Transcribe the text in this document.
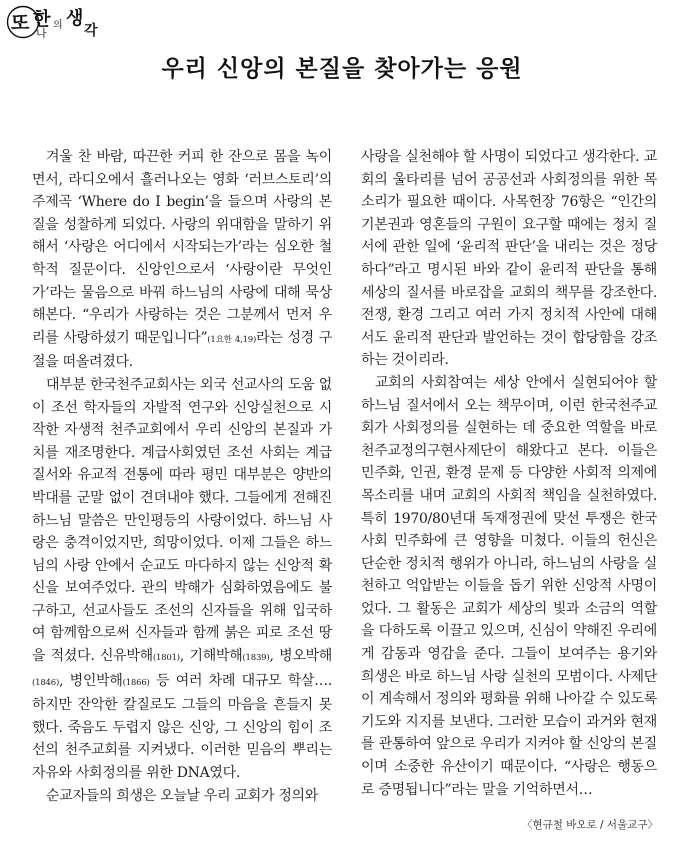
또 한
나
의 생
각
우리 신앙의 본질을 찾아가는 응원

겨울 찬 바람, 따끈한 커피 한 잔으로 몸을 녹이면서, 라디오에서 흘러나오는 영화 ‘러브스토리’의 주제곡 ‘Where do I begin’을 들으며 사랑의 본질을 성찰하게 되었다. 사랑의 위대함을 말하기 위해서 ‘사랑은 어디에서 시작되는가’라는 심오한 철학적 질문이다. 신앙인으로서 ‘사랑이란 무엇인가’라는 물음으로 바꿔 하느님의 사랑에 대해 묵상해본다. “우리가 사랑하는 것은 그분께서 먼저 우리를 사랑하셨기 때문입니다”(1요한 4,19)라는 성경 구절을 떠올려졌다.

대부분 한국천주교회사는 외국 선교사의 도움 없이 조선 학자들의 자발적 연구와 신앙실천으로 시작한 자생적 천주교회에서 우리 신앙의 본질과 가치를 재조명한다. 계급사회였던 조선 사회는 계급질서와 유교적 전통에 따라 평민 대부분은 양반의 박대를 군말 없이 견뎌내야 했다. 그들에게 전해진 하느님 말씀은 만인평등의 사랑이었다. 하느님 사랑은 충격이었지만, 희망이었다. 이제 그들은 하느님의 사랑 안에서 순교도 마다하지 않는 신앙적 확신을 보여주었다. 관의 박해가 심화하였음에도 불구하고, 선교사들도 조선의 신자들을 위해 입국하여 함께함으로써 신자들과 함께 붉은 피로 조선 땅을 적셨다. 신유박해(1801), 기해박해(1839), 병오박해(1846), 병인박해(1866) 등 여러 차례 대규모 학살…. 하지만 잔악한 칼질로도 그들의 마음을 흔들지 못했다. 죽음도 두렵지 않은 신앙, 그 신앙의 힘이 조선의 천주교회를 지켜냈다. 이러한 믿음의 뿌리는 자유와 사회정의를 위한 DNA였다.

순교자들의 희생은 오늘날 우리 교회가 정의와

사랑을 실천해야 할 사명이 되었다고 생각한다. 교회의 울타리를 넘어 공공선과 사회정의를 위한 목소리가 필요한 때이다. 사목헌장 76항은 “인간의 기본권과 영혼들의 구원이 요구할 때에는 정치 질서에 관한 일에 ‘윤리적 판단’을 내리는 것은 정당하다”라고 명시된 바와 같이 윤리적 판단을 통해 세상의 질서를 바로잡을 교회의 책무를 강조한다. 전쟁, 환경 그리고 여러 가지 정치적 사안에 대해서도 윤리적 판단과 발언하는 것이 합당함을 강조하는 것이리라.

교회의 사회참여는 세상 안에서 실현되어야 할 하느님 질서에서 오는 책무이며, 이런 한국천주교회가 사회정의를 실현하는 데 중요한 역할을 바로 천주교정의구현사제단이 해왔다고 본다. 이들은 민주화, 인권, 환경 문제 등 다양한 사회적 의제에 목소리를 내며 교회의 사회적 책임을 실천하였다. 특히 1970/80년대 독재정권에 맞선 투쟁은 한국 사회 민주화에 큰 영향을 미쳤다. 이들의 헌신은 단순한 정치적 행위가 아니라, 하느님의 사랑을 실천하고 억압받는 이들을 돕기 위한 신앙적 사명이었다. 그 활동은 교회가 세상의 빛과 소금의 역할을 다하도록 이끌고 있으며, 신심이 약해진 우리에게 감동과 영감을 준다. 그들이 보여주는 용기와 희생은 바로 하느님 사랑 실천의 모범이다. 사제단이 계속해서 정의와 평화를 위해 나아갈 수 있도록 기도와 지지를 보낸다. 그러한 모습이 과거와 현재를 관통하여 앞으로 우리가 지켜야 할 신앙의 본질이며 소중한 유산이기 때문이다. “사랑은 행동으로 증명됩니다”라는 말을 기억하면서…

〈현규철 바오로 / 서울교구〉
